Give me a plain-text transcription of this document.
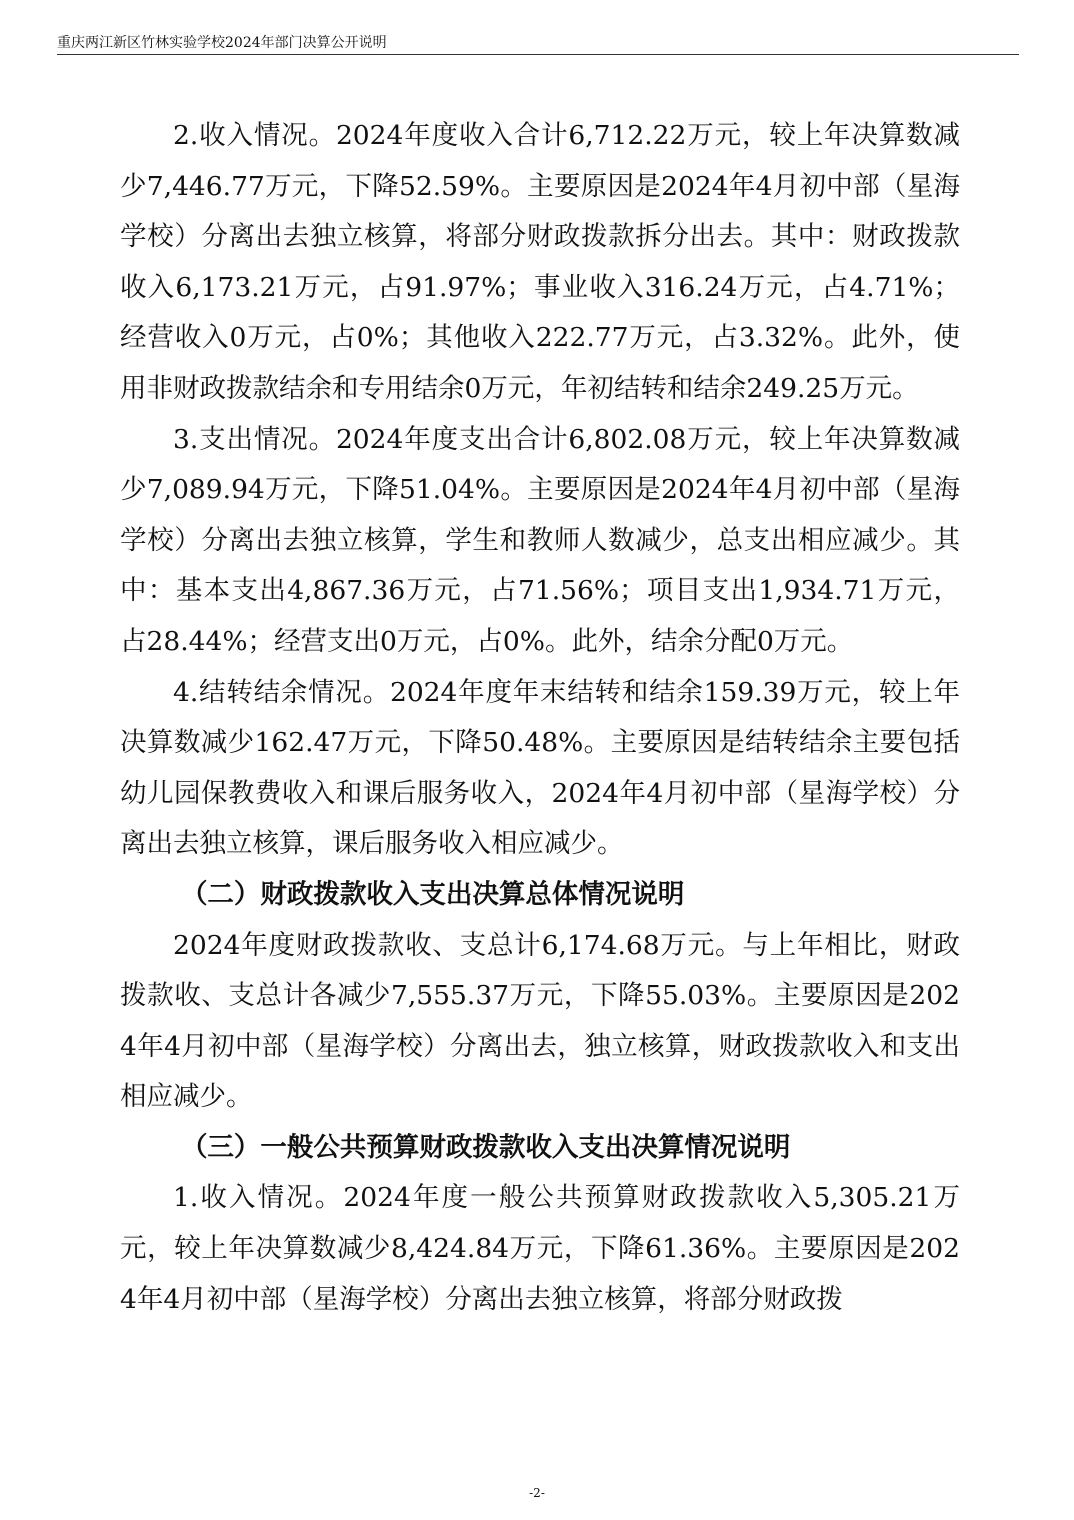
重庆两江新区竹林实验学校2024年部门决算公开说明

2.收入情况。2024年度收入合计6,712.22万元，较上年决算数减少7,446.77万元，下降52.59%。主要原因是2024年4月初中部（星海学校）分离出去独立核算，将部分财政拨款拆分出去。其中：财政拨款收入6,173.21万元，占91.97%；事业收入316.24万元，占4.71%；经营收入0万元，占0%；其他收入222.77万元，占3.32%。此外，使用非财政拨款结余和专用结余0万元，年初结转和结余249.25万元。

3.支出情况。2024年度支出合计6,802.08万元，较上年决算数减少7,089.94万元，下降51.04%。主要原因是2024年4月初中部（星海学校）分离出去独立核算，学生和教师人数减少，总支出相应减少。其中：基本支出4,867.36万元，占71.56%；项目支出1,934.71万元，占28.44%；经营支出0万元，占0%。此外，结余分配0万元。

4.结转结余情况。2024年度年末结转和结余159.39万元，较上年决算数减少162.47万元，下降50.48%。主要原因是结转结余主要包括幼儿园保教费收入和课后服务收入，2024年4月初中部（星海学校）分离出去独立核算，课后服务收入相应减少。

（二）财政拨款收入支出决算总体情况说明

2024年度财政拨款收、支总计6,174.68万元。与上年相比，财政拨款收、支总计各减少7,555.37万元，下降55.03%。主要原因是2024年4月初中部（星海学校）分离出去，独立核算，财政拨款收入和支出相应减少。

（三）一般公共预算财政拨款收入支出决算情况说明

1.收入情况。2024年度一般公共预算财政拨款收入5,305.21万元，较上年决算数减少8,424.84万元，下降61.36%。主要原因是2024年4月初中部（星海学校）分离出去独立核算，将部分财政拨

-2-
